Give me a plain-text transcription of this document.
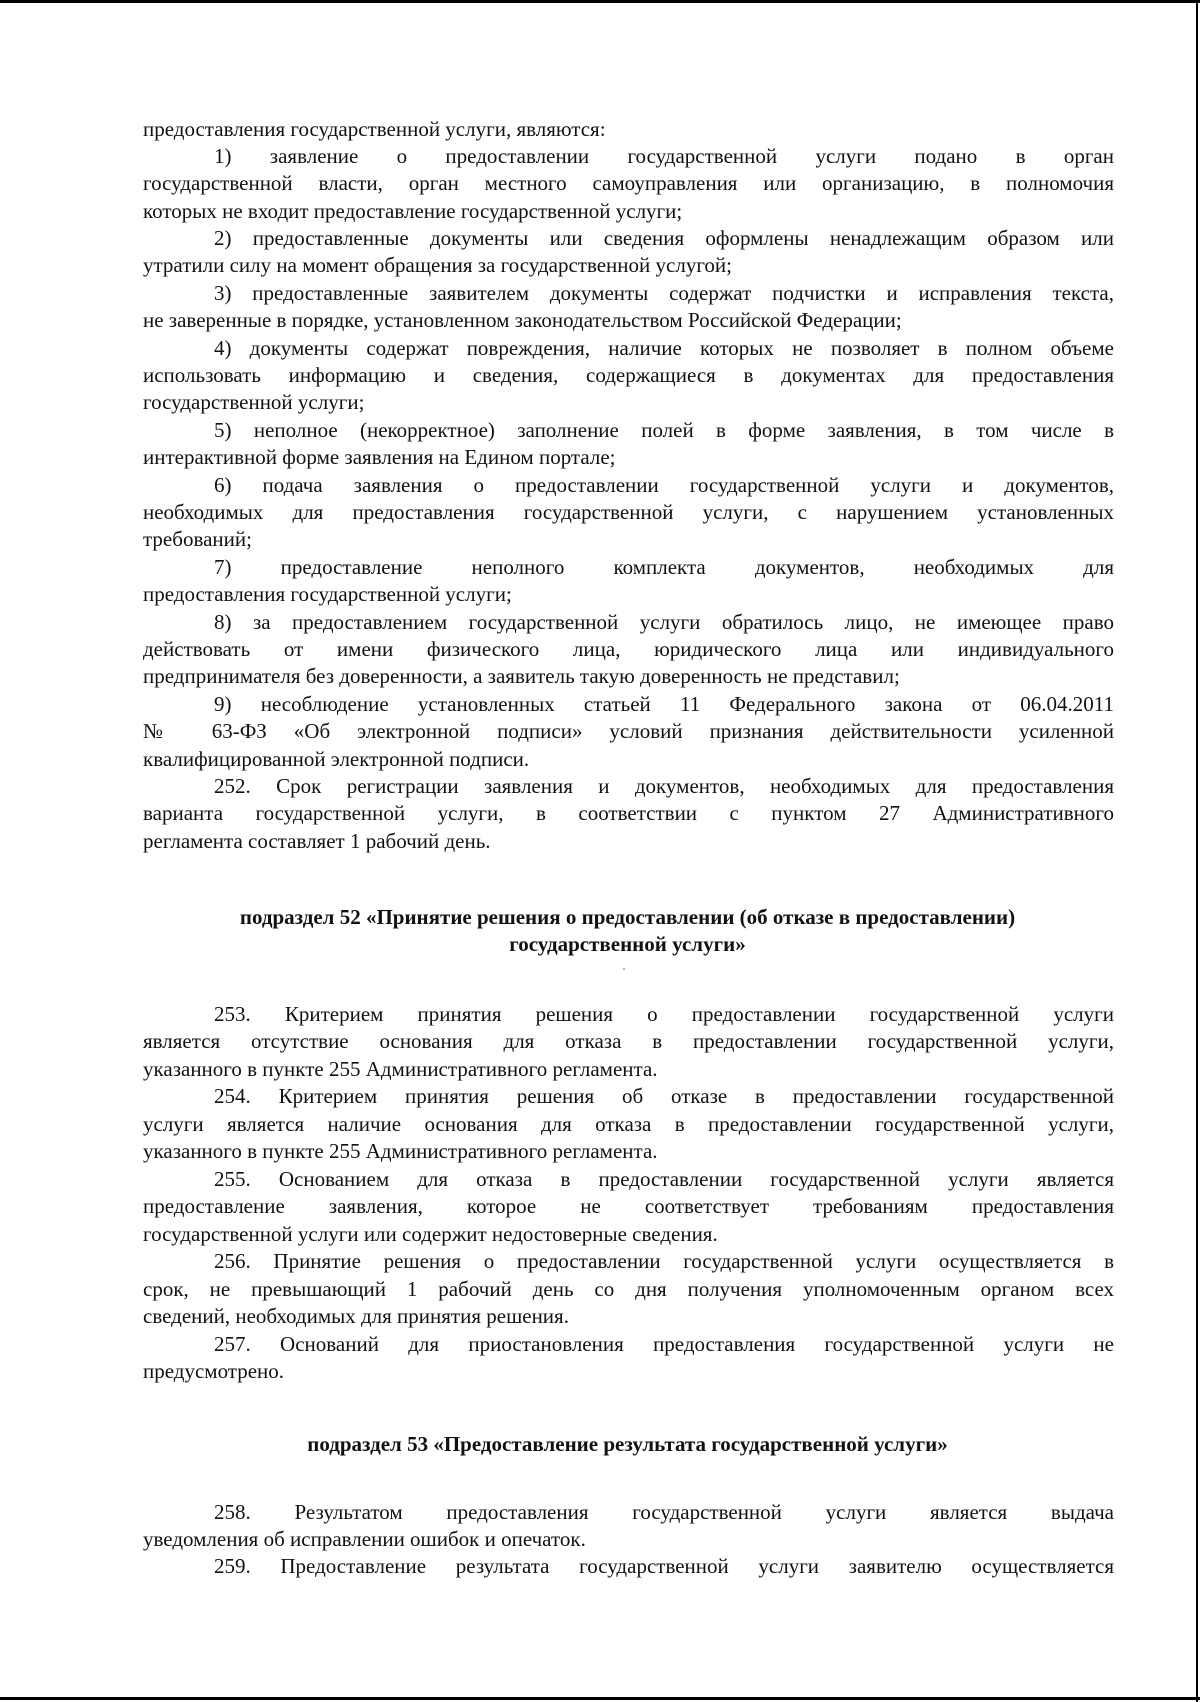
предоставления государственной услуги, являются:

1) заявление о предоставлении государственной услуги подано в орган

государственной власти, орган местного самоуправления или организацию, в полномочия

которых не входит предоставление государственной услуги;

2) предоставленные документы или сведения оформлены ненадлежащим образом или

утратили силу на момент обращения за государственной услугой;

3) предоставленные заявителем документы содержат подчистки и исправления текста,

не заверенные в порядке, установленном законодательством Российской Федерации;

4) документы содержат повреждения, наличие которых не позволяет в полном объеме

использовать информацию и сведения, содержащиеся в документах для предоставления

государственной услуги;

5) неполное (некорректное) заполнение полей в форме заявления, в том числе в

интерактивной форме заявления на Едином портале;

6) подача заявления о предоставлении государственной услуги и документов,

необходимых для предоставления государственной услуги, с нарушением установленных

требований;

7) предоставление неполного комплекта документов, необходимых для

предоставления государственной услуги;

8) за предоставлением государственной услуги обратилось лицо, не имеющее право

действовать от имени физического лица, юридического лица или индивидуального

предпринимателя без доверенности, а заявитель такую доверенность не представил;

9) несоблюдение установленных статьей 11 Федерального закона от 06.04.2011

№ 63-ФЗ «Об электронной подписи» условий признания действительности усиленной

квалифицированной электронной подписи.

252. Срок регистрации заявления и документов, необходимых для предоставления

варианта государственной услуги, в соответствии с пунктом 27 Административного

регламента составляет 1 рабочий день.

подраздел 52 «Принятие решения о предоставлении (об отказе в предоставлении)

государственной услуги»

253. Критерием принятия решения о предоставлении государственной услуги

является отсутствие основания для отказа в предоставлении государственной услуги,

указанного в пункте 255 Административного регламента.

254. Критерием принятия решения об отказе в предоставлении государственной

услуги является наличие основания для отказа в предоставлении государственной услуги,

указанного в пункте 255 Административного регламента.

255. Основанием для отказа в предоставлении государственной услуги является

предоставление заявления, которое не соответствует требованиям предоставления

государственной услуги или содержит недостоверные сведения.

256. Принятие решения о предоставлении государственной услуги осуществляется в

срок, не превышающий 1 рабочий день со дня получения уполномоченным органом всех

сведений, необходимых для принятия решения.

257. Оснований для приостановления предоставления государственной услуги не

предусмотрено.

подраздел 53 «Предоставление результата государственной услуги»

258. Результатом предоставления государственной услуги является выдача

уведомления об исправлении ошибок и опечаток.

259. Предоставление результата государственной услуги заявителю осуществляется
